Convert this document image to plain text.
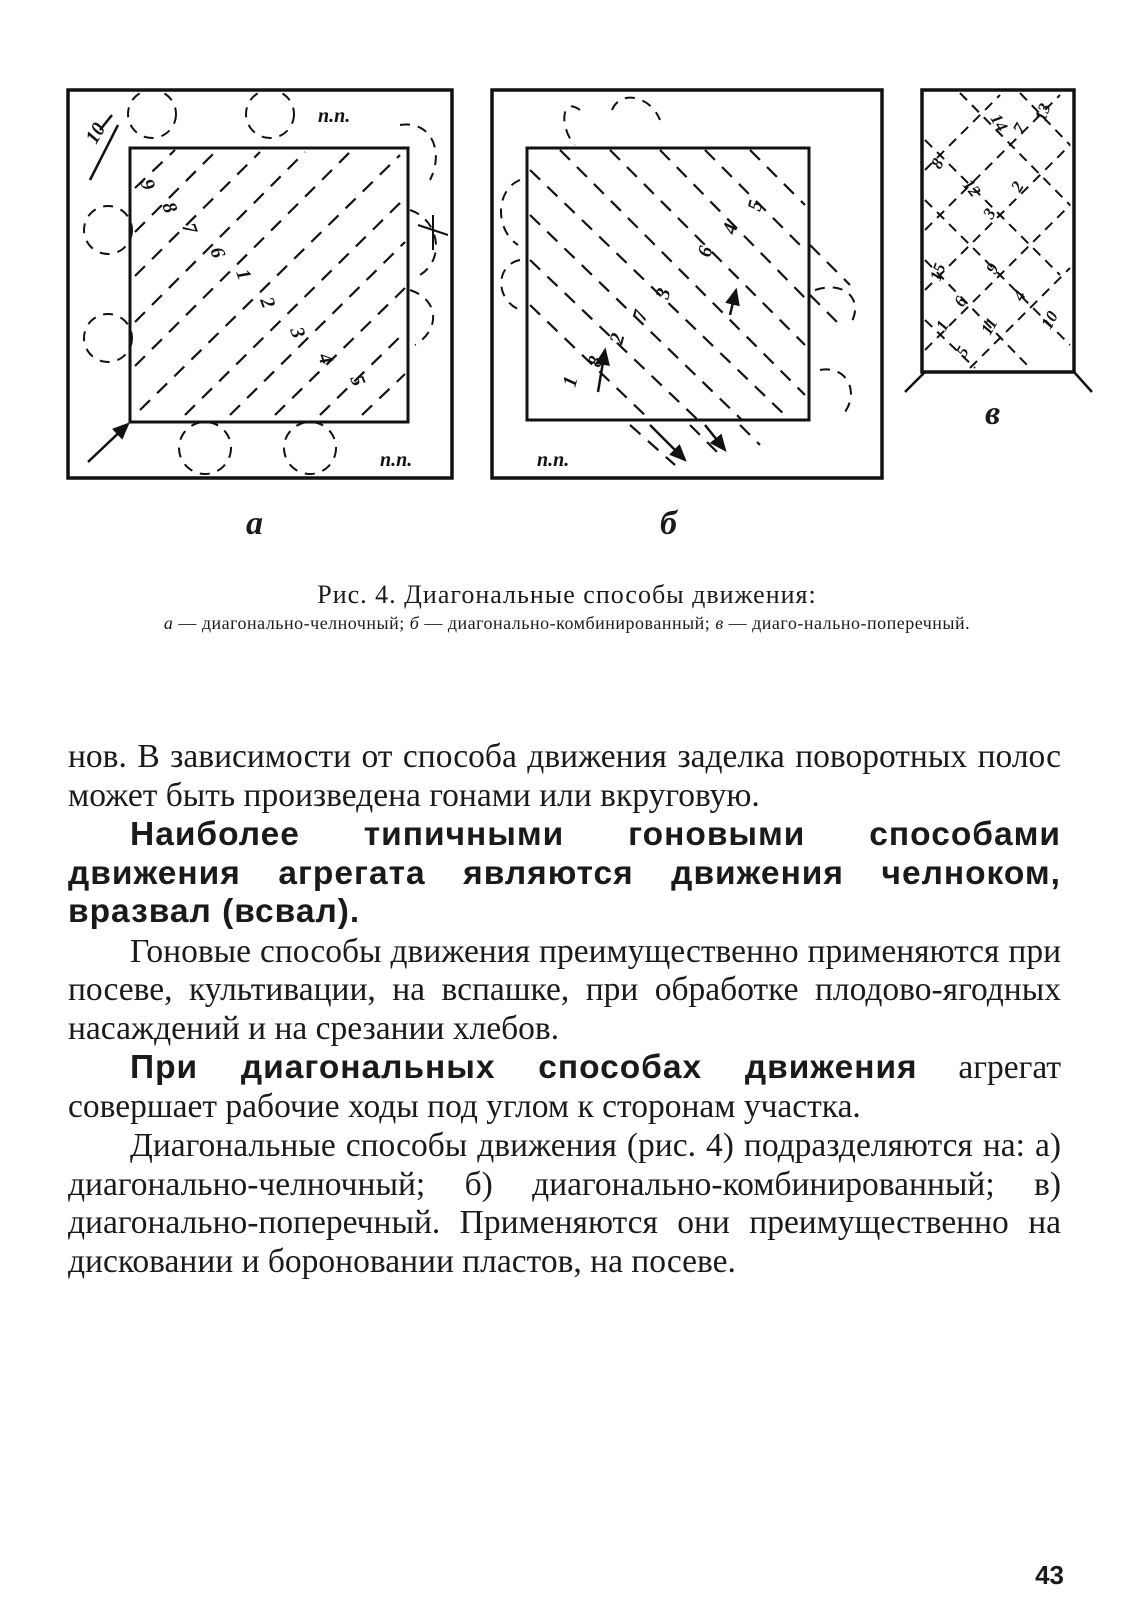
п.п.
п.п.
10
9
8
7
6
1
2
3
4
5
п.п.
1
8
2
7
3
6
4
5
14
7
13
8
12 2
3
15 9
6 4
11
1
5
10
а	б
в
Рис. 4. Диагональные способы движения:
а — диагонально-челночный; б — диагонально-комбинированный; в — диаго-нально-поперечный.

нов. В зависимости от способа движения заделка поворотных полос может быть произведена гонами или вкруговую.

Наиболее типичными гоновыми способами движения агрегата являются движения челноком, вразвал (всвал).

Гоновые способы движения преимущественно применяются при посеве, культивации, на вспашке, при обработке плодово-ягодных насаждений и на срезании хлебов.

При диагональных способах движения агрегат совершает рабочие ходы под углом к сторонам участка.

Диагональные способы движения (рис. 4) подразделяются на: а) диагонально-челночный; б) диагонально-комбинированный; в) диагонально-поперечный. Применяются они преимущественно на дисковании и бороновании пластов, на посеве.

43
